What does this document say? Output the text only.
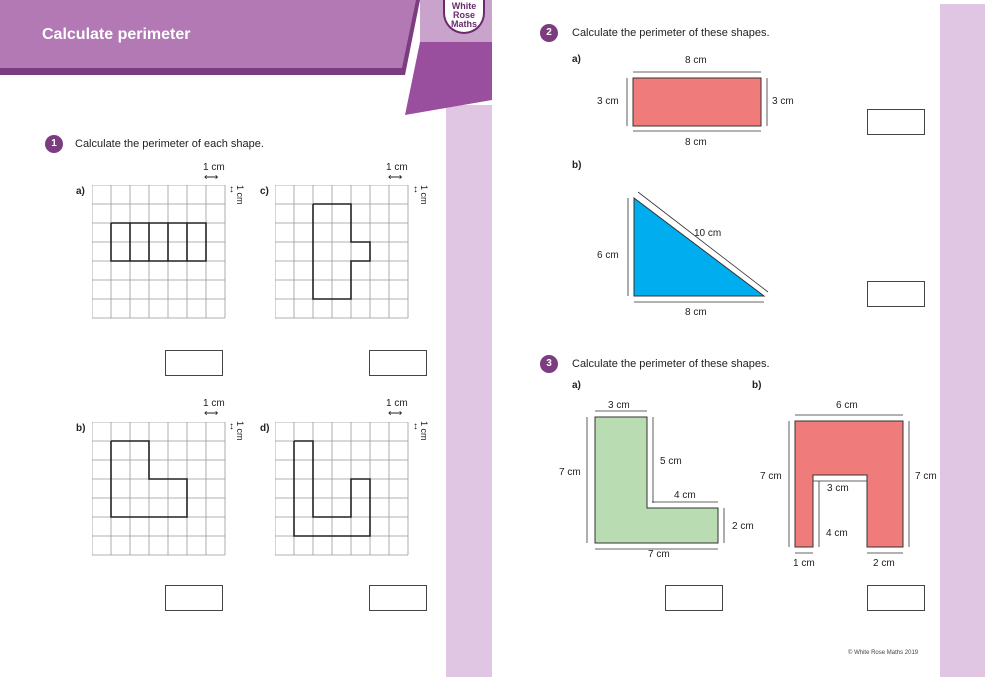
Calculate perimeter
White
Rose
Maths
1	Calculate the perimeter of each shape.
a)
1 cm
⟷
↕ 1 cm c)
1 cm
⟷
↕ 1 cm
b)
1 cm
⟷
↕ 1 cm d)
1 cm
⟷
↕ 1 cm
2	Calculate the perimeter of these shapes.
a)	8 cm
8 cm
3 cm	3 cm
b)
6 cm
10 cm
8 cm
3	Calculate the perimeter of these shapes.
a)	b)
3 cm
7 cm
5 cm
4 cm
2 cm
7 cm
6 cm
7 cm	7 cm
3 cm
4 cm
1 cm	2 cm
© White Rose Maths 2019
